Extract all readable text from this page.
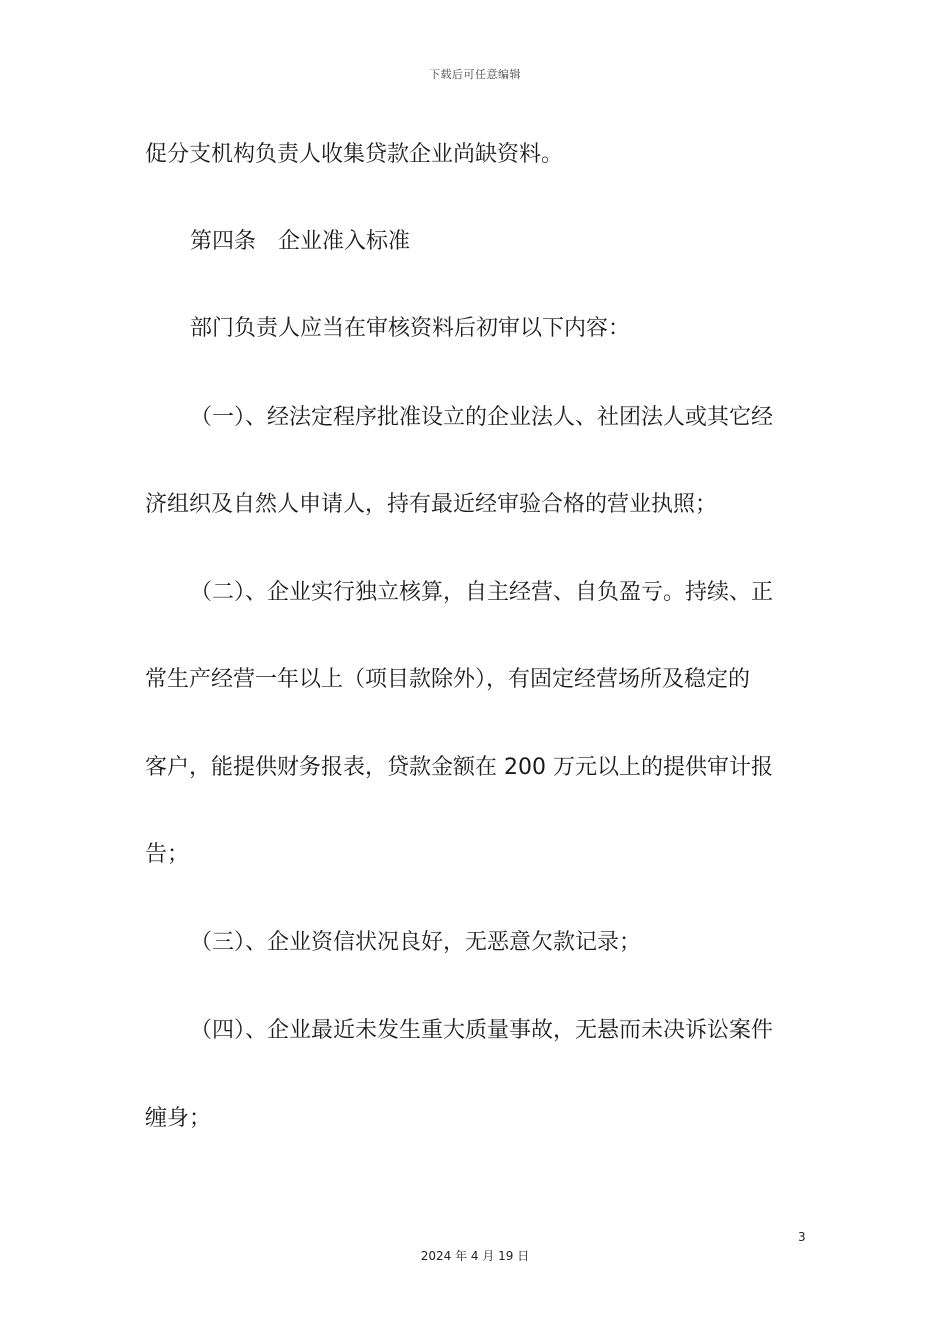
下载后可任意编辑
促分支机构负责人收集贷款企业尚缺资料。
第四条　企业准入标准
部门负责人应当在审核资料后初审以下内容：
（一）、经法定程序批准设立的企业法人、社团法人或其它经
济组织及自然人申请人，持有最近经审验合格的营业执照；
（二）、企业实行独立核算，自主经营、自负盈亏。持续、正
常生产经营一年以上（项目款除外），有固定经营场所及稳定的
客户，能提供财务报表，贷款金额在 200 万元以上的提供审计报
告；
（三）、企业资信状况良好，无恶意欠款记录；
（四）、企业最近未发生重大质量事故，无悬而未决诉讼案件
缠身；
3
2024 年 4 月 19 日
